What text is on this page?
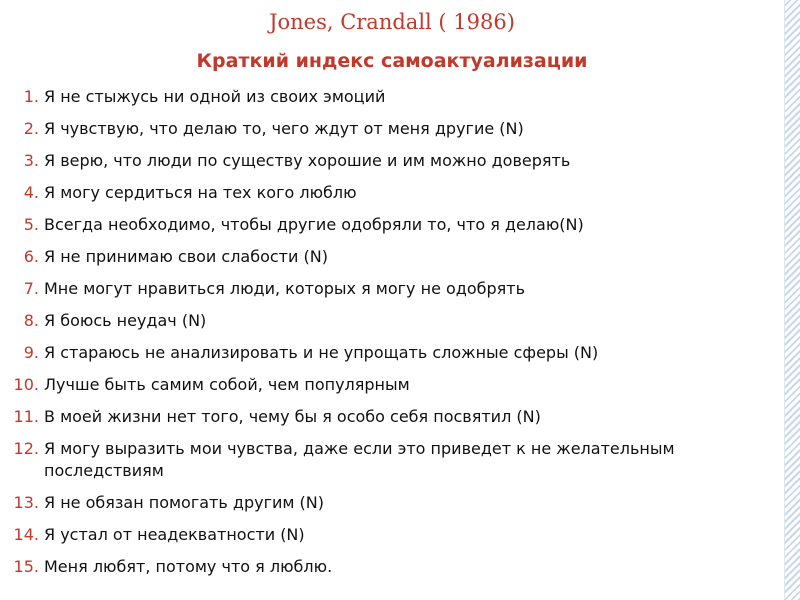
Jones, Crandall ( 1986)
Краткий индекс самоактуализации
1. Я не стыжусь ни одной из своих эмоций
2. Я чувствую, что делаю то, чего ждут от меня другие (N)
3. Я верю, что люди по существу хорошие и им можно доверять
4. Я могу сердиться на тех кого люблю
5. Всегда необходимо, чтобы другие одобряли то, что я делаю(N)
6. Я не принимаю свои слабости (N)
7. Мне могут нравиться люди, которых я могу не одобрять
8. Я боюсь неудач (N)
9. Я стараюсь не анализировать и не упрощать сложные сферы (N)
10. Лучше быть самим собой, чем популярным
11. В моей жизни нет того, чему бы я особо себя посвятил (N)
12. Я могу выразить мои чувства, даже если это приведет к не желательным последствиям
13. Я не обязан помогать другим (N)
14. Я устал от неадекватности (N)
15. Меня любят, потому что я люблю.
